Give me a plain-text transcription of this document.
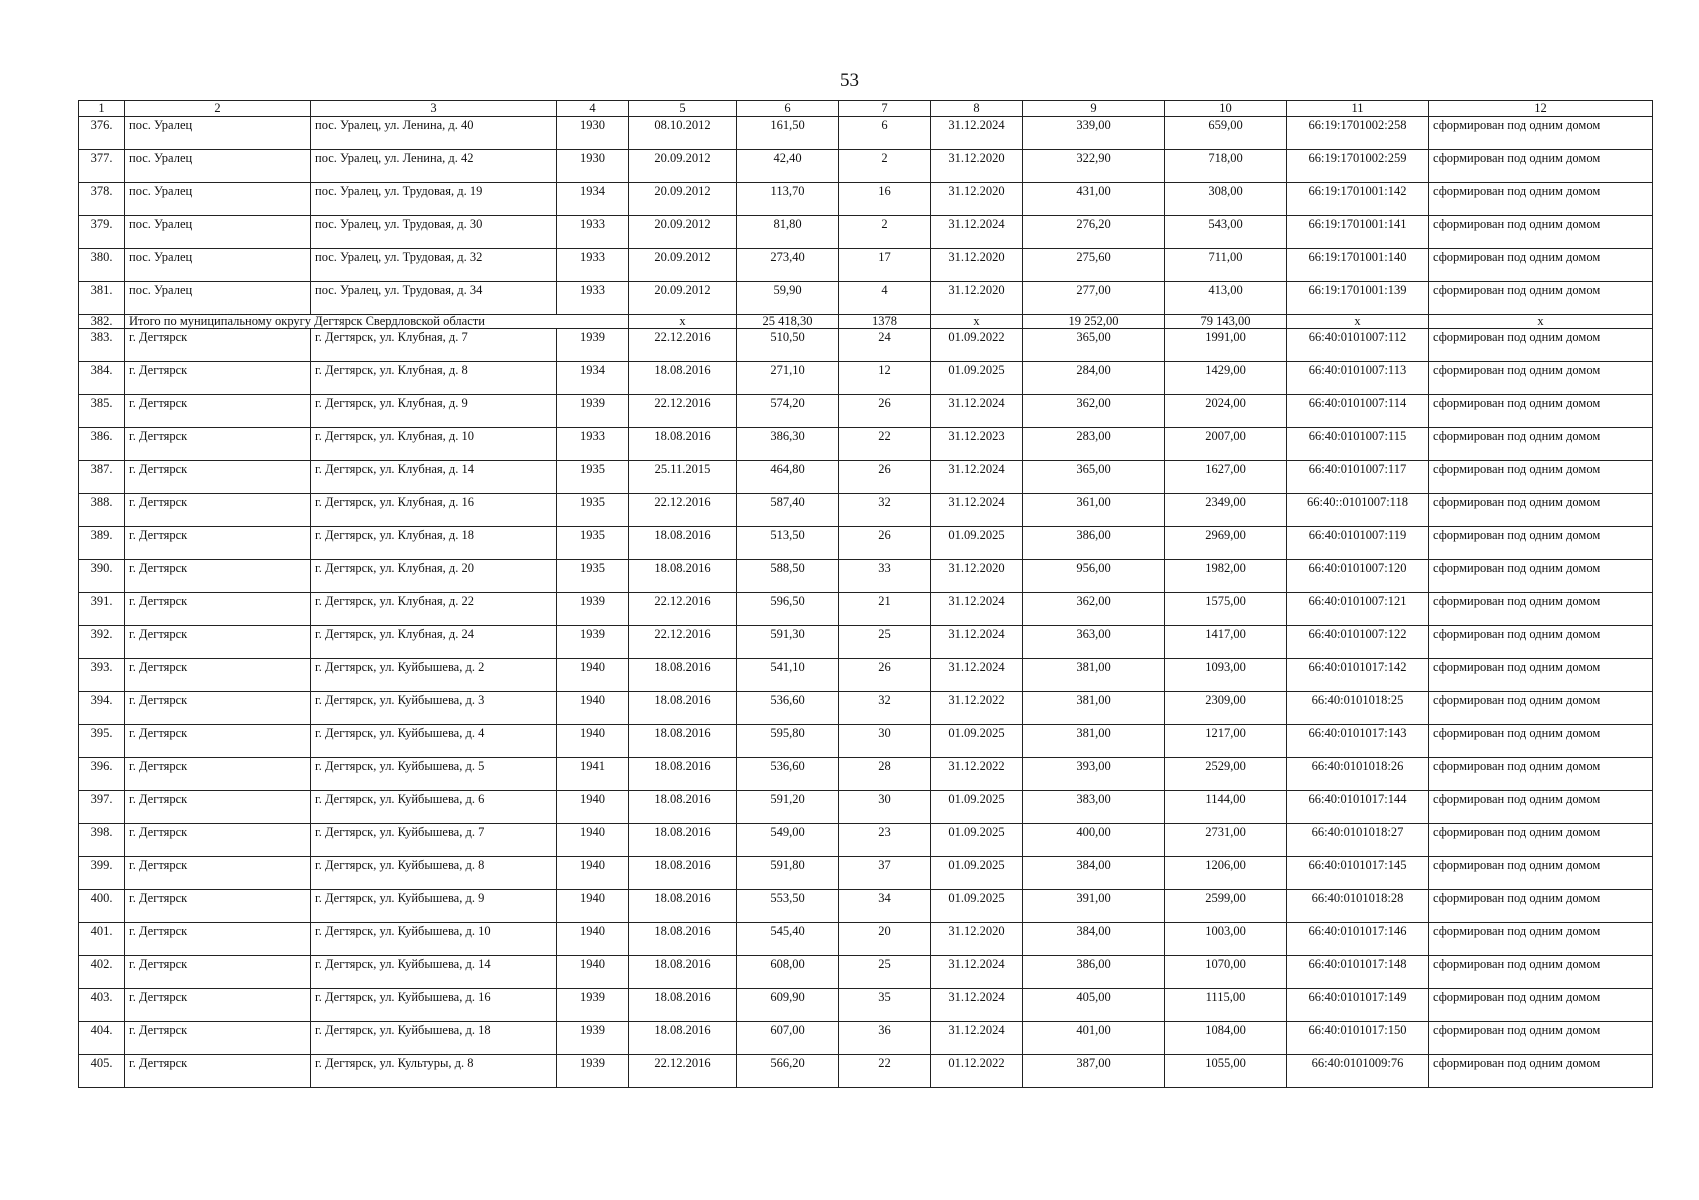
53
1	2	3	4	5	6	7	8	9	10	11	12
376.	пос. Уралец	пос. Уралец, ул. Ленина, д. 40	1930	08.10.2012	161,50	6	31.12.2024	339,00	659,00	66:19:1701002:258	сформирован под одним домом
377.	пос. Уралец	пос. Уралец, ул. Ленина, д. 42	1930	20.09.2012	42,40	2	31.12.2020	322,90	718,00	66:19:1701002:259	сформирован под одним домом
378.	пос. Уралец	пос. Уралец, ул. Трудовая, д. 19	1934	20.09.2012	113,70	16	31.12.2020	431,00	308,00	66:19:1701001:142	сформирован под одним домом
379.	пос. Уралец	пос. Уралец, ул. Трудовая, д. 30	1933	20.09.2012	81,80	2	31.12.2024	276,20	543,00	66:19:1701001:141	сформирован под одним домом
380.	пос. Уралец	пос. Уралец, ул. Трудовая, д. 32	1933	20.09.2012	273,40	17	31.12.2020	275,60	711,00	66:19:1701001:140	сформирован под одним домом
381.	пос. Уралец	пос. Уралец, ул. Трудовая, д. 34	1933	20.09.2012	59,90	4	31.12.2020	277,00	413,00	66:19:1701001:139	сформирован под одним домом
382.	Итого по муниципальному округу Дегтярск Свердловской области			x	25 418,30	1378	x	19 252,00	79 143,00	x	x
383.	г. Дегтярск	г. Дегтярск, ул. Клубная, д. 7	1939	22.12.2016	510,50	24	01.09.2022	365,00	1991,00	66:40:0101007:112	сформирован под одним домом
384.	г. Дегтярск	г. Дегтярск, ул. Клубная, д. 8	1934	18.08.2016	271,10	12	01.09.2025	284,00	1429,00	66:40:0101007:113	сформирован под одним домом
385.	г. Дегтярск	г. Дегтярск, ул. Клубная, д. 9	1939	22.12.2016	574,20	26	31.12.2024	362,00	2024,00	66:40:0101007:114	сформирован под одним домом
386.	г. Дегтярск	г. Дегтярск, ул. Клубная, д. 10	1933	18.08.2016	386,30	22	31.12.2023	283,00	2007,00	66:40:0101007:115	сформирован под одним домом
387.	г. Дегтярск	г. Дегтярск, ул. Клубная, д. 14	1935	25.11.2015	464,80	26	31.12.2024	365,00	1627,00	66:40:0101007:117	сформирован под одним домом
388.	г. Дегтярск	г. Дегтярск, ул. Клубная, д. 16	1935	22.12.2016	587,40	32	31.12.2024	361,00	2349,00	66:40::0101007:118	сформирован под одним домом
389.	г. Дегтярск	г. Дегтярск, ул. Клубная, д. 18	1935	18.08.2016	513,50	26	01.09.2025	386,00	2969,00	66:40:0101007:119	сформирован под одним домом
390.	г. Дегтярск	г. Дегтярск, ул. Клубная, д. 20	1935	18.08.2016	588,50	33	31.12.2020	956,00	1982,00	66:40:0101007:120	сформирован под одним домом
391.	г. Дегтярск	г. Дегтярск, ул. Клубная, д. 22	1939	22.12.2016	596,50	21	31.12.2024	362,00	1575,00	66:40:0101007:121	сформирован под одним домом
392.	г. Дегтярск	г. Дегтярск, ул. Клубная, д. 24	1939	22.12.2016	591,30	25	31.12.2024	363,00	1417,00	66:40:0101007:122	сформирован под одним домом
393.	г. Дегтярск	г. Дегтярск, ул. Куйбышева, д. 2	1940	18.08.2016	541,10	26	31.12.2024	381,00	1093,00	66:40:0101017:142	сформирован под одним домом
394.	г. Дегтярск	г. Дегтярск, ул. Куйбышева, д. 3	1940	18.08.2016	536,60	32	31.12.2022	381,00	2309,00	66:40:0101018:25	сформирован под одним домом
395.	г. Дегтярск	г. Дегтярск, ул. Куйбышева, д. 4	1940	18.08.2016	595,80	30	01.09.2025	381,00	1217,00	66:40:0101017:143	сформирован под одним домом
396.	г. Дегтярск	г. Дегтярск, ул. Куйбышева, д. 5	1941	18.08.2016	536,60	28	31.12.2022	393,00	2529,00	66:40:0101018:26	сформирован под одним домом
397.	г. Дегтярск	г. Дегтярск, ул. Куйбышева, д. 6	1940	18.08.2016	591,20	30	01.09.2025	383,00	1144,00	66:40:0101017:144	сформирован под одним домом
398.	г. Дегтярск	г. Дегтярск, ул. Куйбышева, д. 7	1940	18.08.2016	549,00	23	01.09.2025	400,00	2731,00	66:40:0101018:27	сформирован под одним домом
399.	г. Дегтярск	г. Дегтярск, ул. Куйбышева, д. 8	1940	18.08.2016	591,80	37	01.09.2025	384,00	1206,00	66:40:0101017:145	сформирован под одним домом
400.	г. Дегтярск	г. Дегтярск, ул. Куйбышева, д. 9	1940	18.08.2016	553,50	34	01.09.2025	391,00	2599,00	66:40:0101018:28	сформирован под одним домом
401.	г. Дегтярск	г. Дегтярск, ул. Куйбышева, д. 10	1940	18.08.2016	545,40	20	31.12.2020	384,00	1003,00	66:40:0101017:146	сформирован под одним домом
402.	г. Дегтярск	г. Дегтярск, ул. Куйбышева, д. 14	1940	18.08.2016	608,00	25	31.12.2024	386,00	1070,00	66:40:0101017:148	сформирован под одним домом
403.	г. Дегтярск	г. Дегтярск, ул. Куйбышева, д. 16	1939	18.08.2016	609,90	35	31.12.2024	405,00	1115,00	66:40:0101017:149	сформирован под одним домом
404.	г. Дегтярск	г. Дегтярск, ул. Куйбышева, д. 18	1939	18.08.2016	607,00	36	31.12.2024	401,00	1084,00	66:40:0101017:150	сформирован под одним домом
405.	г. Дегтярск	г. Дегтярск, ул. Культуры, д. 8	1939	22.12.2016	566,20	22	01.12.2022	387,00	1055,00	66:40:0101009:76	сформирован под одним домом
